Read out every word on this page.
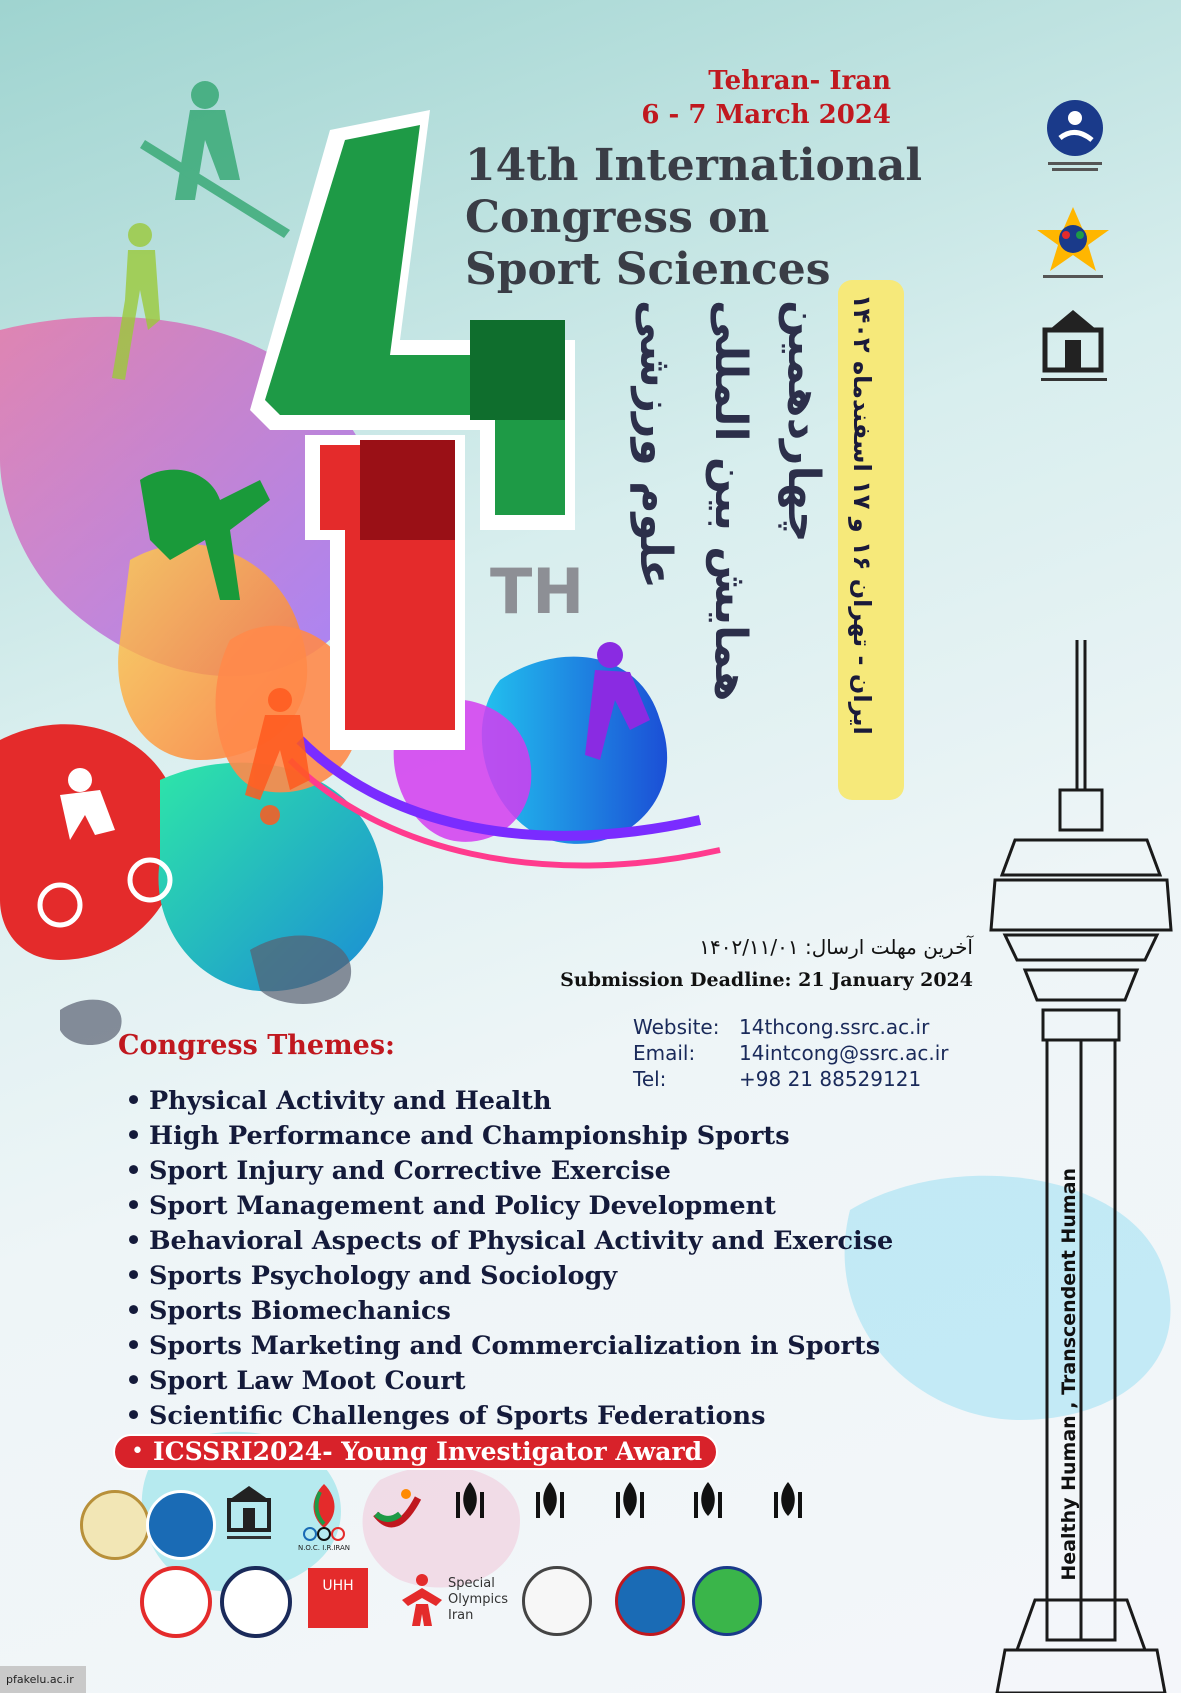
TH
Tehran- Iran
6 - 7 March 2024
14th International
Congress on
Sport Sciences
چهاردهمین
همایش بین المللی
علوم ورزشی	ایران - تهران ۱۶ و ۱۷ اسفندماه ۱۴۰۲
Healthy Human , Transcendent Human
آخرین مهلت ارسال: ۱۴۰۲/۱۱/۰۱
Submission Deadline: 21 January 2024
Website: 14thcong.ssrc.ac.ir
Email: 14intcong@ssrc.ac.ir
Tel:	+98 21 88529121
Congress Themes:
• Physical Activity and Health
• High Performance and Championship Sports
• Sport Injury and Corrective Exercise
• Sport Management and Policy Development
• Behavioral Aspects of Physical Activity and Exercise
• Sports Psychology and Sociology
• Sports Biomechanics
• Sports Marketing and Commercialization in Sports
• Sport Law Moot Court
• Scientific Challenges of Sports Federations
• ICSSRI2024- Young Investigator Award
N.O.C. I.R.IRAN
UHH	Special Olympics Iran
pfakelu.ac.ir
